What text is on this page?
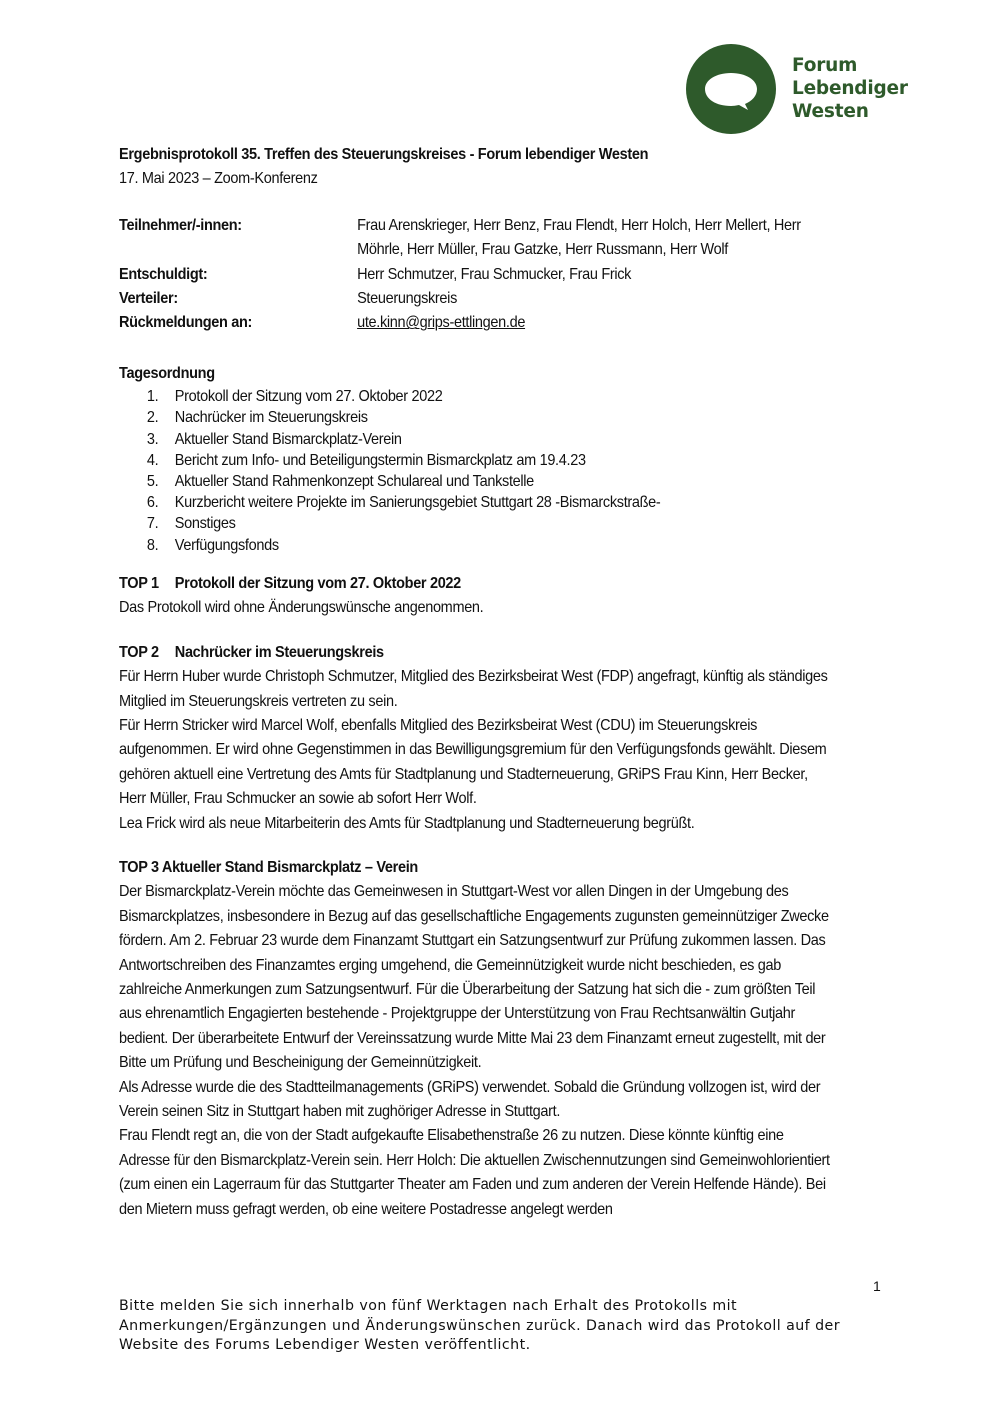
Forum
Lebendiger
Westen

Ergebnisprotokoll 35. Treffen des Steuerungskreises - Forum lebendiger Westen

17. Mai 2023 – Zoom-Konferenz

Teilnehmer/-innen:	Frau Arenskrieger, Herr Benz, Frau Flendt, Herr Holch, Herr Mellert, Herr Möhrle, Herr Müller, Frau Gatzke, Herr Russmann, Herr Wolf
Entschuldigt:	Herr Schmutzer, Frau Schmucker, Frau Frick
Verteiler:	Steuerungskreis
Rückmeldungen an:	ute.kinn@grips-ettlingen.de

Tagesordnung

1.	Protokoll der Sitzung vom 27. Oktober 2022
2.	Nachrücker im Steuerungskreis
3.	Aktueller Stand Bismarckplatz-Verein
4.	Bericht zum Info- und Beteiligungstermin Bismarckplatz am 19.4.23
5.	Aktueller Stand Rahmenkonzept Schulareal und Tankstelle
6.	Kurzbericht weitere Projekte im Sanierungsgebiet Stuttgart 28 -Bismarckstraße-
7.	Sonstiges
8.	Verfügungsfonds

TOP 1 Protokoll der Sitzung vom 27. Oktober 2022

Das Protokoll wird ohne Änderungswünsche angenommen.

TOP 2 Nachrücker im Steuerungskreis

Für Herrn Huber wurde Christoph Schmutzer, Mitglied des Bezirksbeirat West (FDP) angefragt, künftig als ständiges Mitglied im Steuerungskreis vertreten zu sein.

Für Herrn Stricker wird Marcel Wolf, ebenfalls Mitglied des Bezirksbeirat West (CDU) im Steuerungskreis aufgenommen. Er wird ohne Gegenstimmen in das Bewilligungsgremium für den Verfügungsfonds gewählt. Diesem gehören aktuell eine Vertretung des Amts für Stadtplanung und Stadterneuerung, GRiPS Frau Kinn, Herr Becker, Herr Müller, Frau Schmucker an sowie ab sofort Herr Wolf.

Lea Frick wird als neue Mitarbeiterin des Amts für Stadtplanung und Stadterneuerung begrüßt.

TOP 3 Aktueller Stand Bismarckplatz – Verein

Der Bismarckplatz-Verein möchte das Gemeinwesen in Stuttgart-West vor allen Dingen in der Umgebung des Bismarckplatzes, insbesondere in Bezug auf das gesellschaftliche Engagements zugunsten gemeinnütziger Zwecke fördern. Am 2. Februar 23 wurde dem Finanzamt Stuttgart ein Satzungsentwurf zur Prüfung zukommen lassen. Das Antwortschreiben des Finanzamtes erging umgehend, die Gemeinnützigkeit wurde nicht beschieden, es gab zahlreiche Anmerkungen zum Satzungsentwurf. Für die Überarbeitung der Satzung hat sich die - zum größten Teil aus ehrenamtlich Engagierten bestehende - Projektgruppe der Unterstützung von Frau Rechtsanwältin Gutjahr bedient. Der überarbeitete Entwurf der Vereinssatzung wurde Mitte Mai 23 dem Finanzamt erneut zugestellt, mit der Bitte um Prüfung und Bescheinigung der Gemeinnützigkeit.

Als Adresse wurde die des Stadtteilmanagements (GRiPS) verwendet. Sobald die Gründung vollzogen ist, wird der Verein seinen Sitz in Stuttgart haben mit zughöriger Adresse in Stuttgart.

Frau Flendt regt an, die von der Stadt aufgekaufte Elisabethenstraße 26 zu nutzen. Diese könnte künftig eine Adresse für den Bismarckplatz-Verein sein. Herr Holch: Die aktuellen Zwischennutzungen sind Gemeinwohlorientiert (zum einen ein Lagerraum für das Stuttgarter Theater am Faden und zum anderen der Verein Helfende Hände). Bei den Mietern muss gefragt werden, ob eine weitere Postadresse angelegt werden

1
Bitte melden Sie sich innerhalb von fünf Werktagen nach Erhalt des Protokolls mit Anmerkungen/Ergänzungen und Änderungswünschen zurück. Danach wird das Protokoll auf der Website des Forums Lebendiger Westen veröffentlicht.
